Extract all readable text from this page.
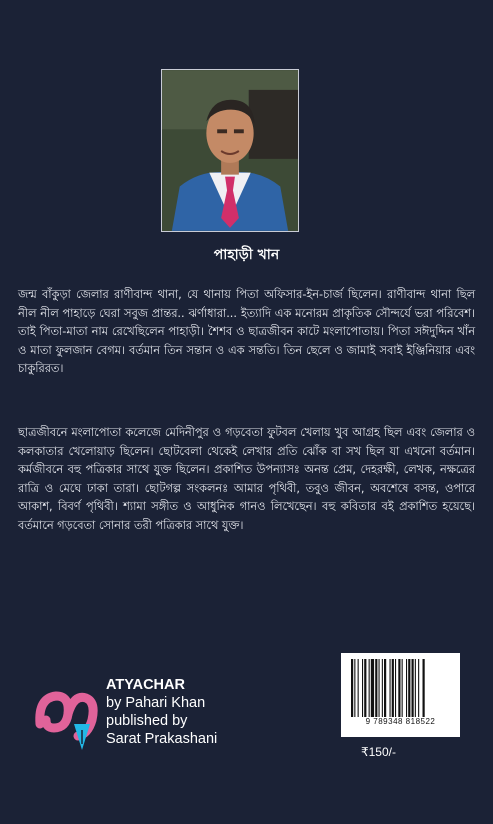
পাহাড়ী খান
জন্ম বাঁকুড়া জেলার রাণীবান্দ থানা, যে থানায় পিতা অফিসার-ইন-চার্জ ছিলেন। রাণীবান্দ থানা ছিল নীল নীল পাহাড়ে ঘেরা সবুজ প্রান্তর.. ঝর্ণাধারা... ইত্যাদি এক মনোরম প্রাকৃতিক সৌন্দর্যে ভরা পরিবেশ। তাই পিতা-মাতা নাম রেখেছিলেন পাহাড়ী। শৈশব ও ছাত্রজীবন কাটে মংলাপোতায়। পিতা সঈদুদ্দিন খাঁন ও মাতা ফুলজান বেগম। বর্তমান তিন সন্তান ও এক সন্ততি। তিন ছেলে ও জামাই সবাই ইঞ্জিনিয়ার এবং চাকুরিরত।
ছাত্রজীবনে মংলাপোতা কলেজে মেদিনীপুর ও গড়বেতা ফুটবল খেলায় খুব আগ্রহ ছিল এবং জেলার ও কলকাতার খেলোয়াড় ছিলেন। ছোটবেলা থেকেই লেখার প্রতি ঝোঁক বা সখ ছিল যা এখনো বর্তমান। কর্মজীবনে বহু পত্রিকার সাথে যুক্ত ছিলেন। প্রকাশিত উপন্যাসঃ অনন্ত প্রেম, দেহরক্ষী, লেখক, নক্ষত্রের রাত্রি ও মেঘে ঢাকা তারা। ছোটগল্প সংকলনঃ আমার পৃথিবী, তবুও জীবন, অবশেষে বসন্ত, ওপারে আকাশ, বিবর্ণ পৃথিবী। শ্যামা সঙ্গীত ও আধুনিক গানও লিখেছেন। বহু কবিতার বই প্রকাশিত হয়েছে। বর্তমানে গড়বেতা সোনার তরী পত্রিকার সাথে যুক্ত।
ATYACHAR
by Pahari Khan
published by
Sarat Prakashani
9 789348 818522
₹150/-
